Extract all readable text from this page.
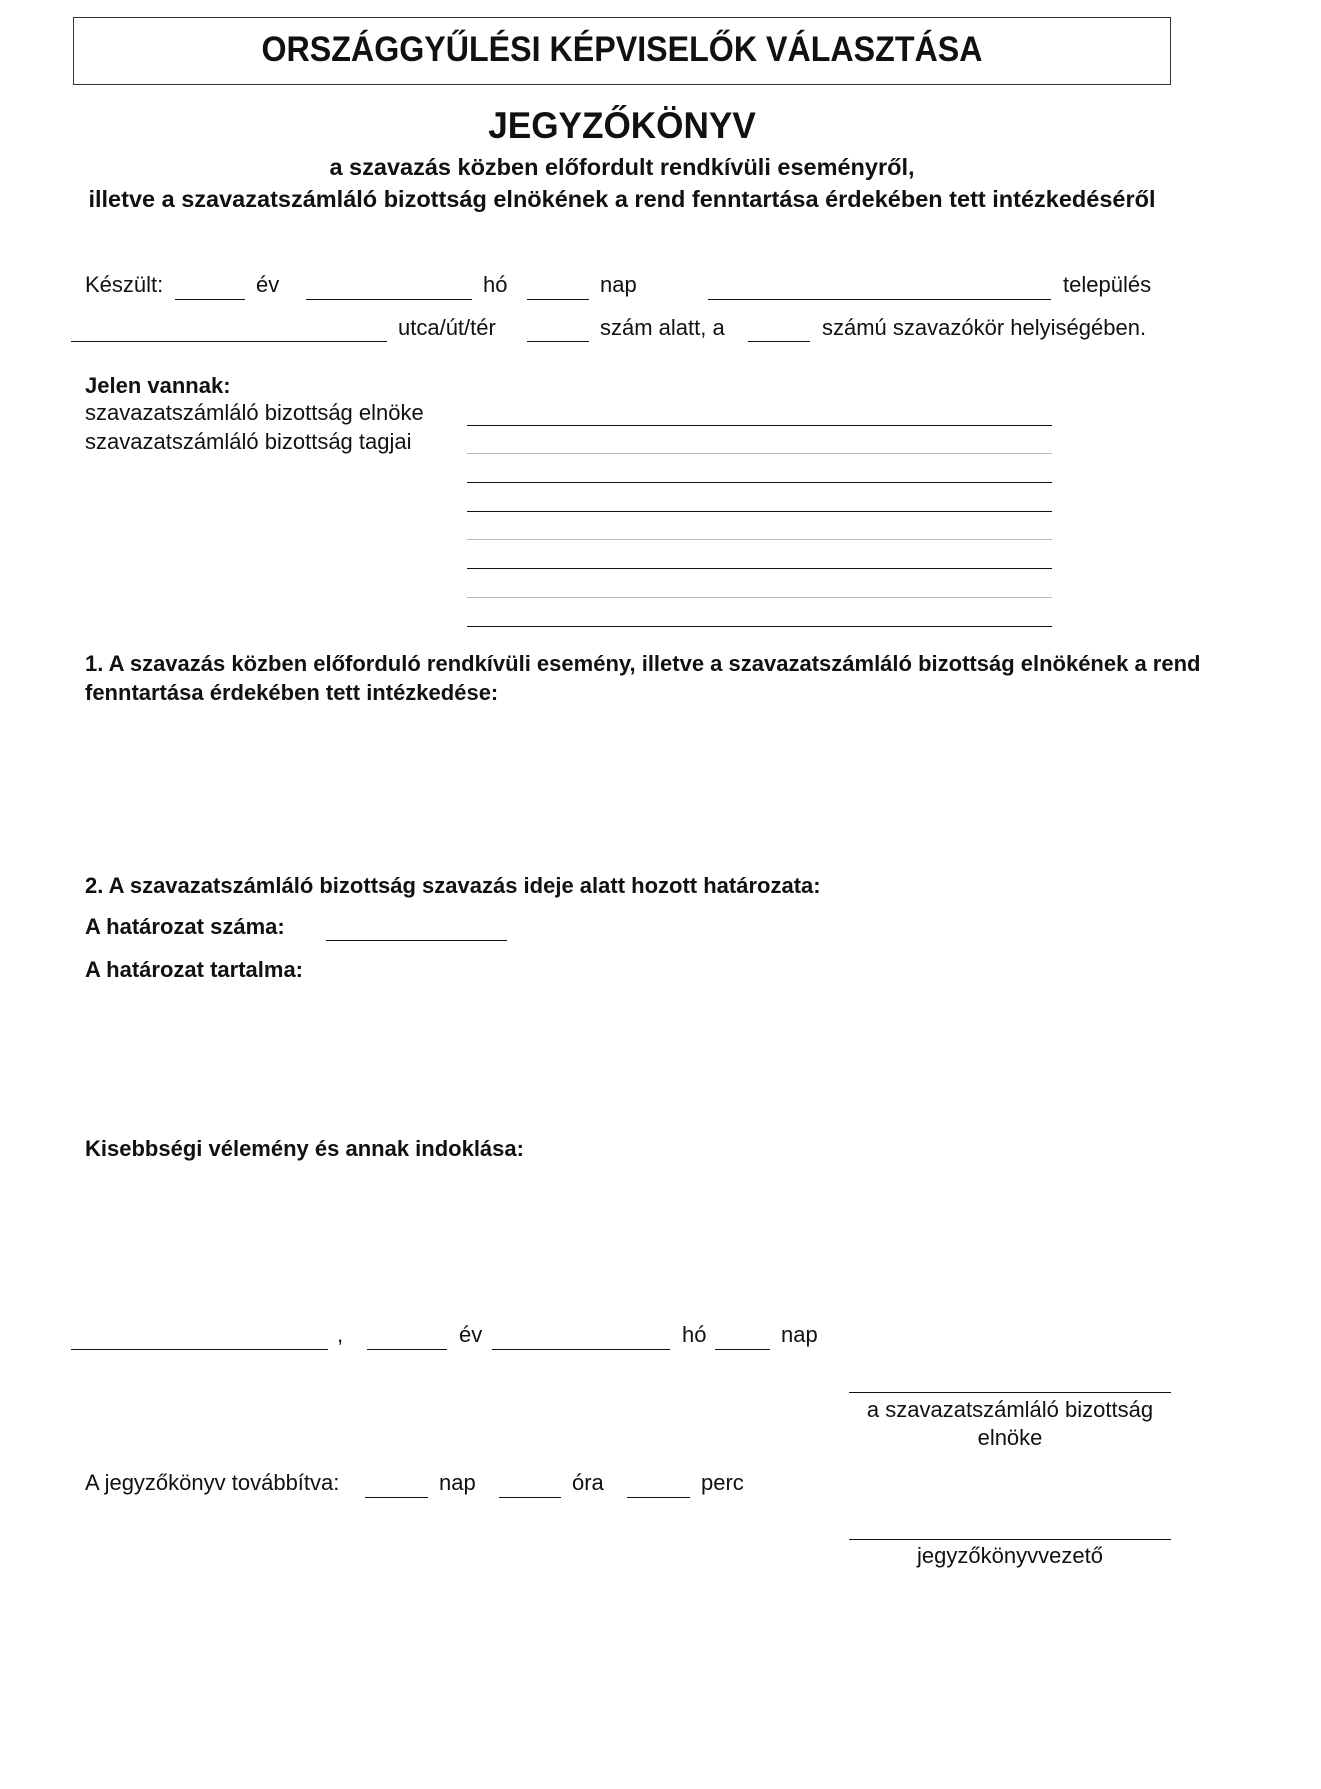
ORSZÁGGYŰLÉSI KÉPVISELŐK VÁLASZTÁSA
JEGYZŐKÖNYV
a szavazás közben előfordult rendkívüli eseményről,
illetve a szavazatszámláló bizottság elnökének a rend fenntartása érdekében tett intézkedéséről
Készült:	év	hó	nap	település
utca/út/tér	szám alatt, a	számú szavazókör helyiségében.
Jelen vannak:
szavazatszámláló bizottság elnöke
szavazatszámláló bizottság tagjai
1. A szavazás közben előforduló rendkívüli esemény, illetve a szavazatszámláló bizottság elnökének a rend
fenntartása érdekében tett intézkedése:
2. A szavazatszámláló bizottság szavazás ideje alatt hozott határozata:
A határozat száma:
A határozat tartalma:
Kisebbségi vélemény és annak indoklása:
,	év	hó	nap
a szavazatszámláló bizottság
elnöke
A jegyzőkönyv továbbítva:	nap	óra	perc
jegyzőkönyvvezető
